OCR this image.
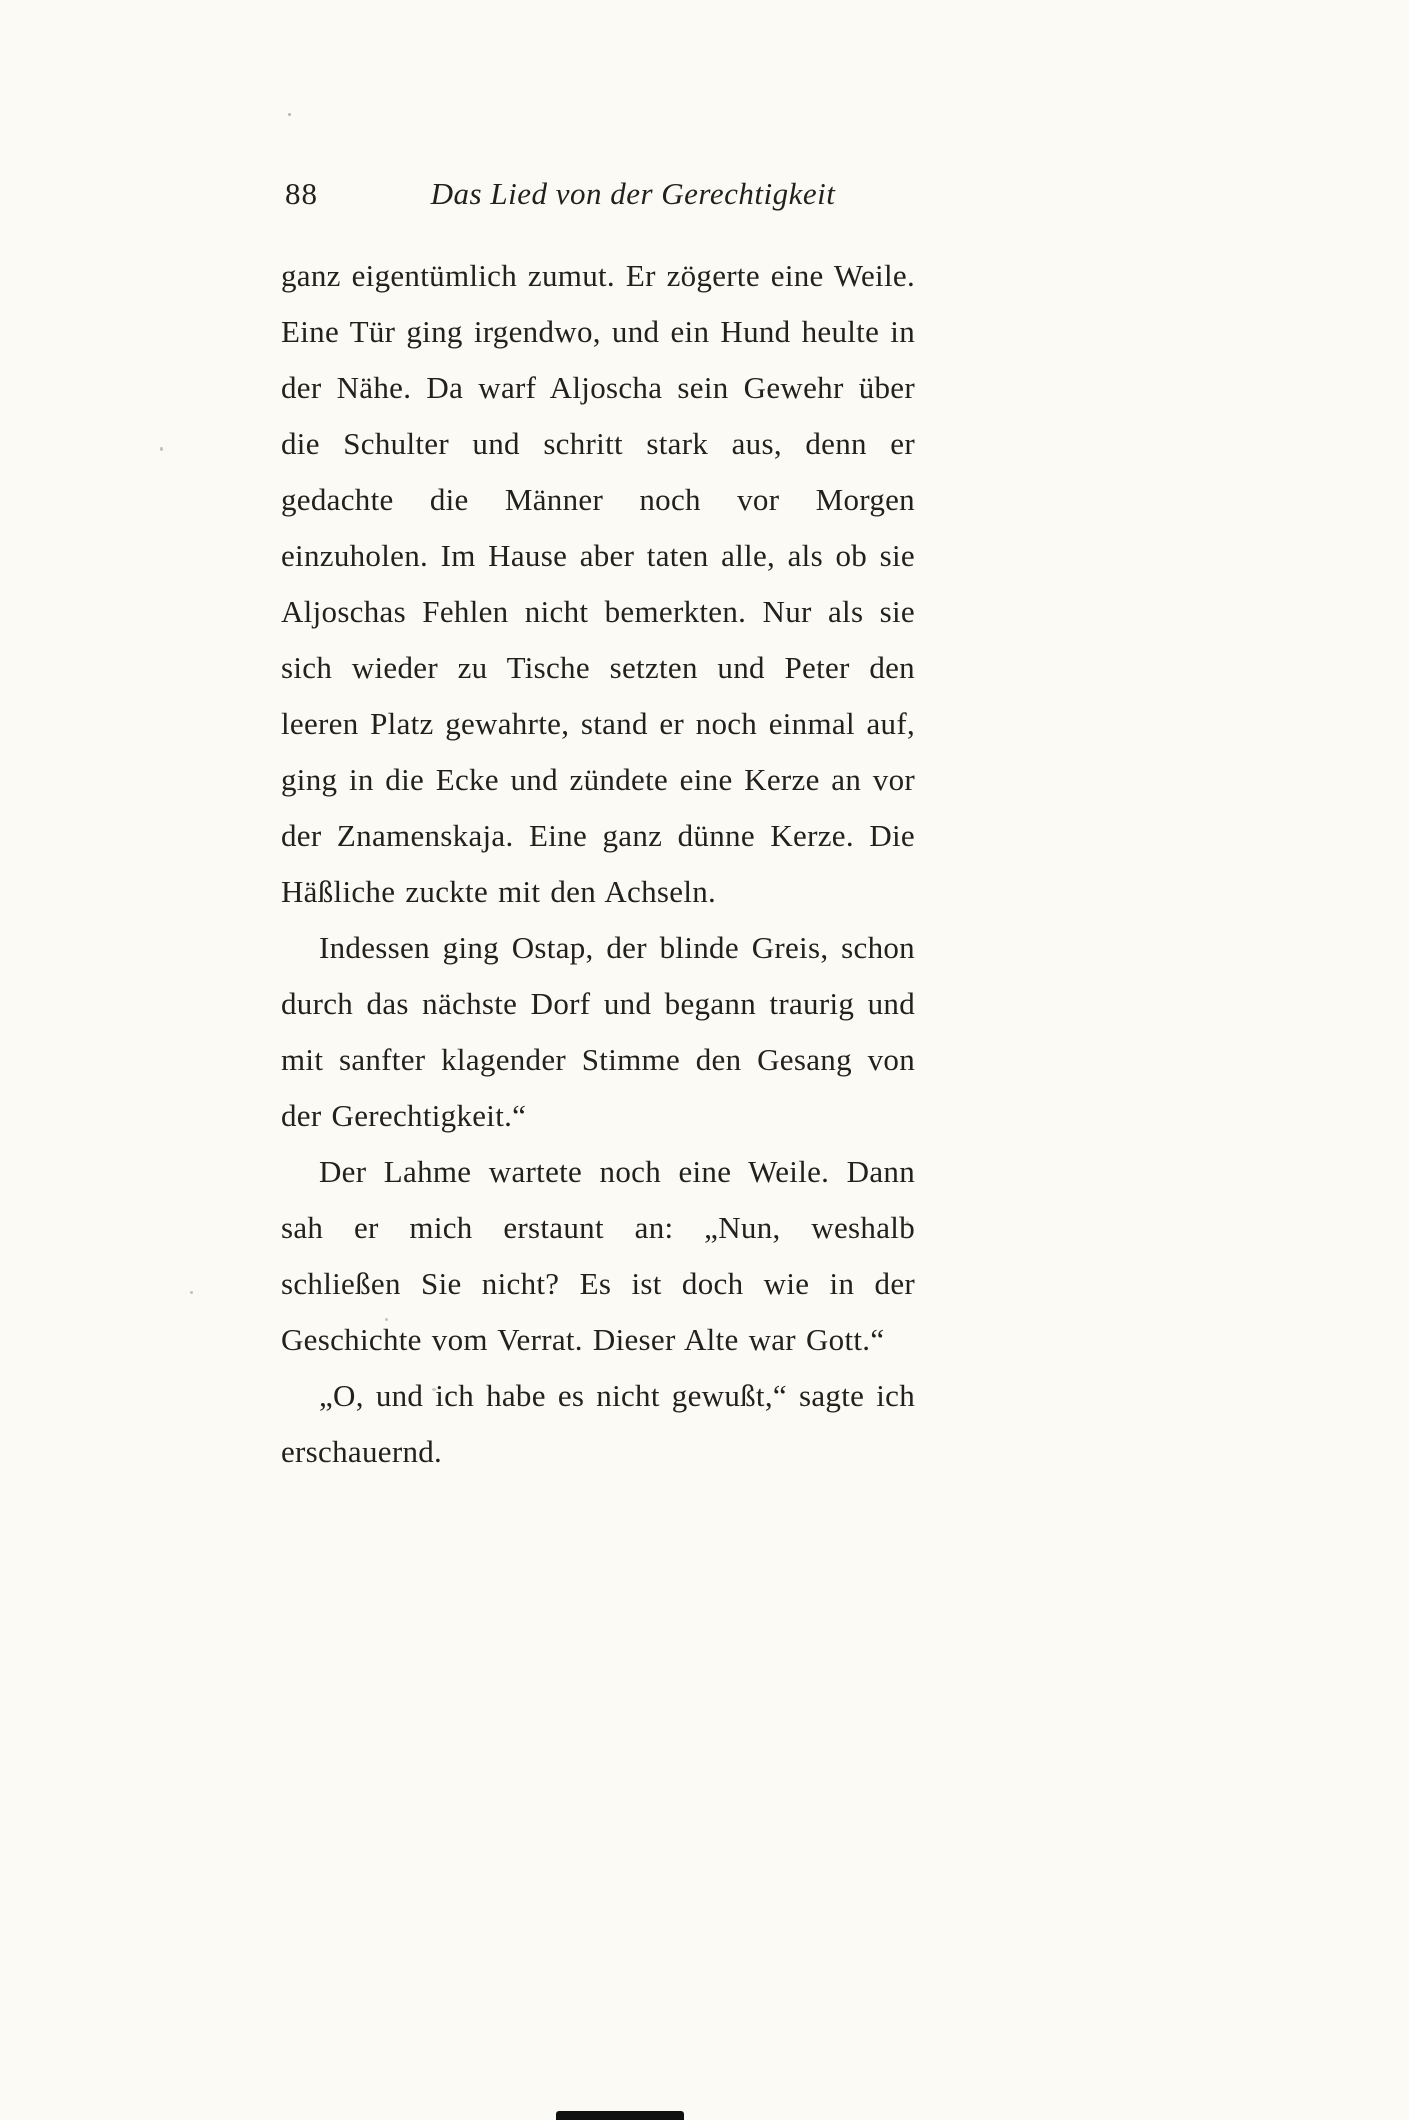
88	Das Lied von der Gerechtigkeit

ganz eigentümlich zumut. Er zögerte eine Weile. Eine Tür ging irgendwo, und ein Hund heulte in der Nähe. Da warf Aljoscha sein Gewehr über die Schulter und schritt stark aus, denn er gedachte die Männer noch vor Morgen einzuholen. Im Hause aber taten alle, als ob sie Aljoschas Fehlen nicht bemerkten. Nur als sie sich wieder zu Tische setzten und Peter den leeren Platz gewahrte, stand er noch einmal auf, ging in die Ecke und zündete eine Kerze an vor der Znamenskaja. Eine ganz dünne Kerze. Die Häßliche zuckte mit den Achseln.

Indessen ging Ostap, der blinde Greis, schon durch das nächste Dorf und begann traurig und mit sanfter klagender Stimme den Gesang von der Gerechtigkeit.“

Der Lahme wartete noch eine Weile. Dann sah er mich erstaunt an: „Nun, weshalb schließen Sie nicht? Es ist doch wie in der Geschichte vom Verrat. Dieser Alte war Gott.“

„O, und ich habe es nicht gewußt,“ sagte ich erschauernd.
